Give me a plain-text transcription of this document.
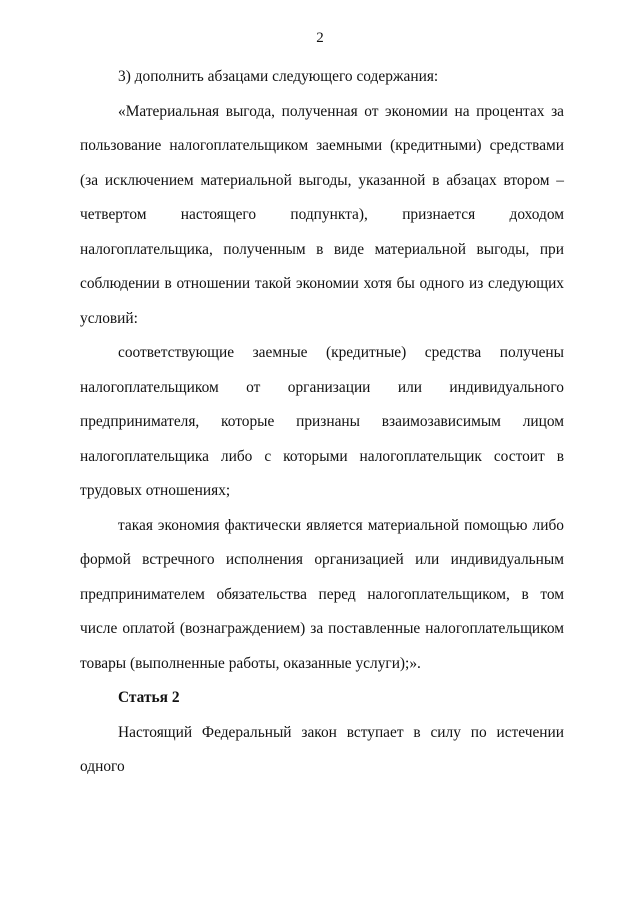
2

3) дополнить абзацами следующего содержания:

«Материальная выгода, полученная от экономии на процентах за пользование налогоплательщиком заемными (кредитными) средствами (за исключением материальной выгоды, указанной в абзацах втором – четвертом настоящего подпункта), признается доходом налогоплательщика, полученным в виде материальной выгоды, при соблюдении в отношении такой экономии хотя бы одного из следующих условий:

соответствующие заемные (кредитные) средства получены налогоплательщиком от организации или индивидуального предпринимателя, которые признаны взаимозависимым лицом налогоплательщика либо с которыми налогоплательщик состоит в трудовых отношениях;

такая экономия фактически является материальной помощью либо формой встречного исполнения организацией или индивидуальным предпринимателем обязательства перед налогоплательщиком, в том числе оплатой (вознаграждением) за поставленные налогоплательщиком товары (выполненные работы, оказанные услуги);».

Статья 2

Настоящий Федеральный закон вступает в силу по истечении одного
